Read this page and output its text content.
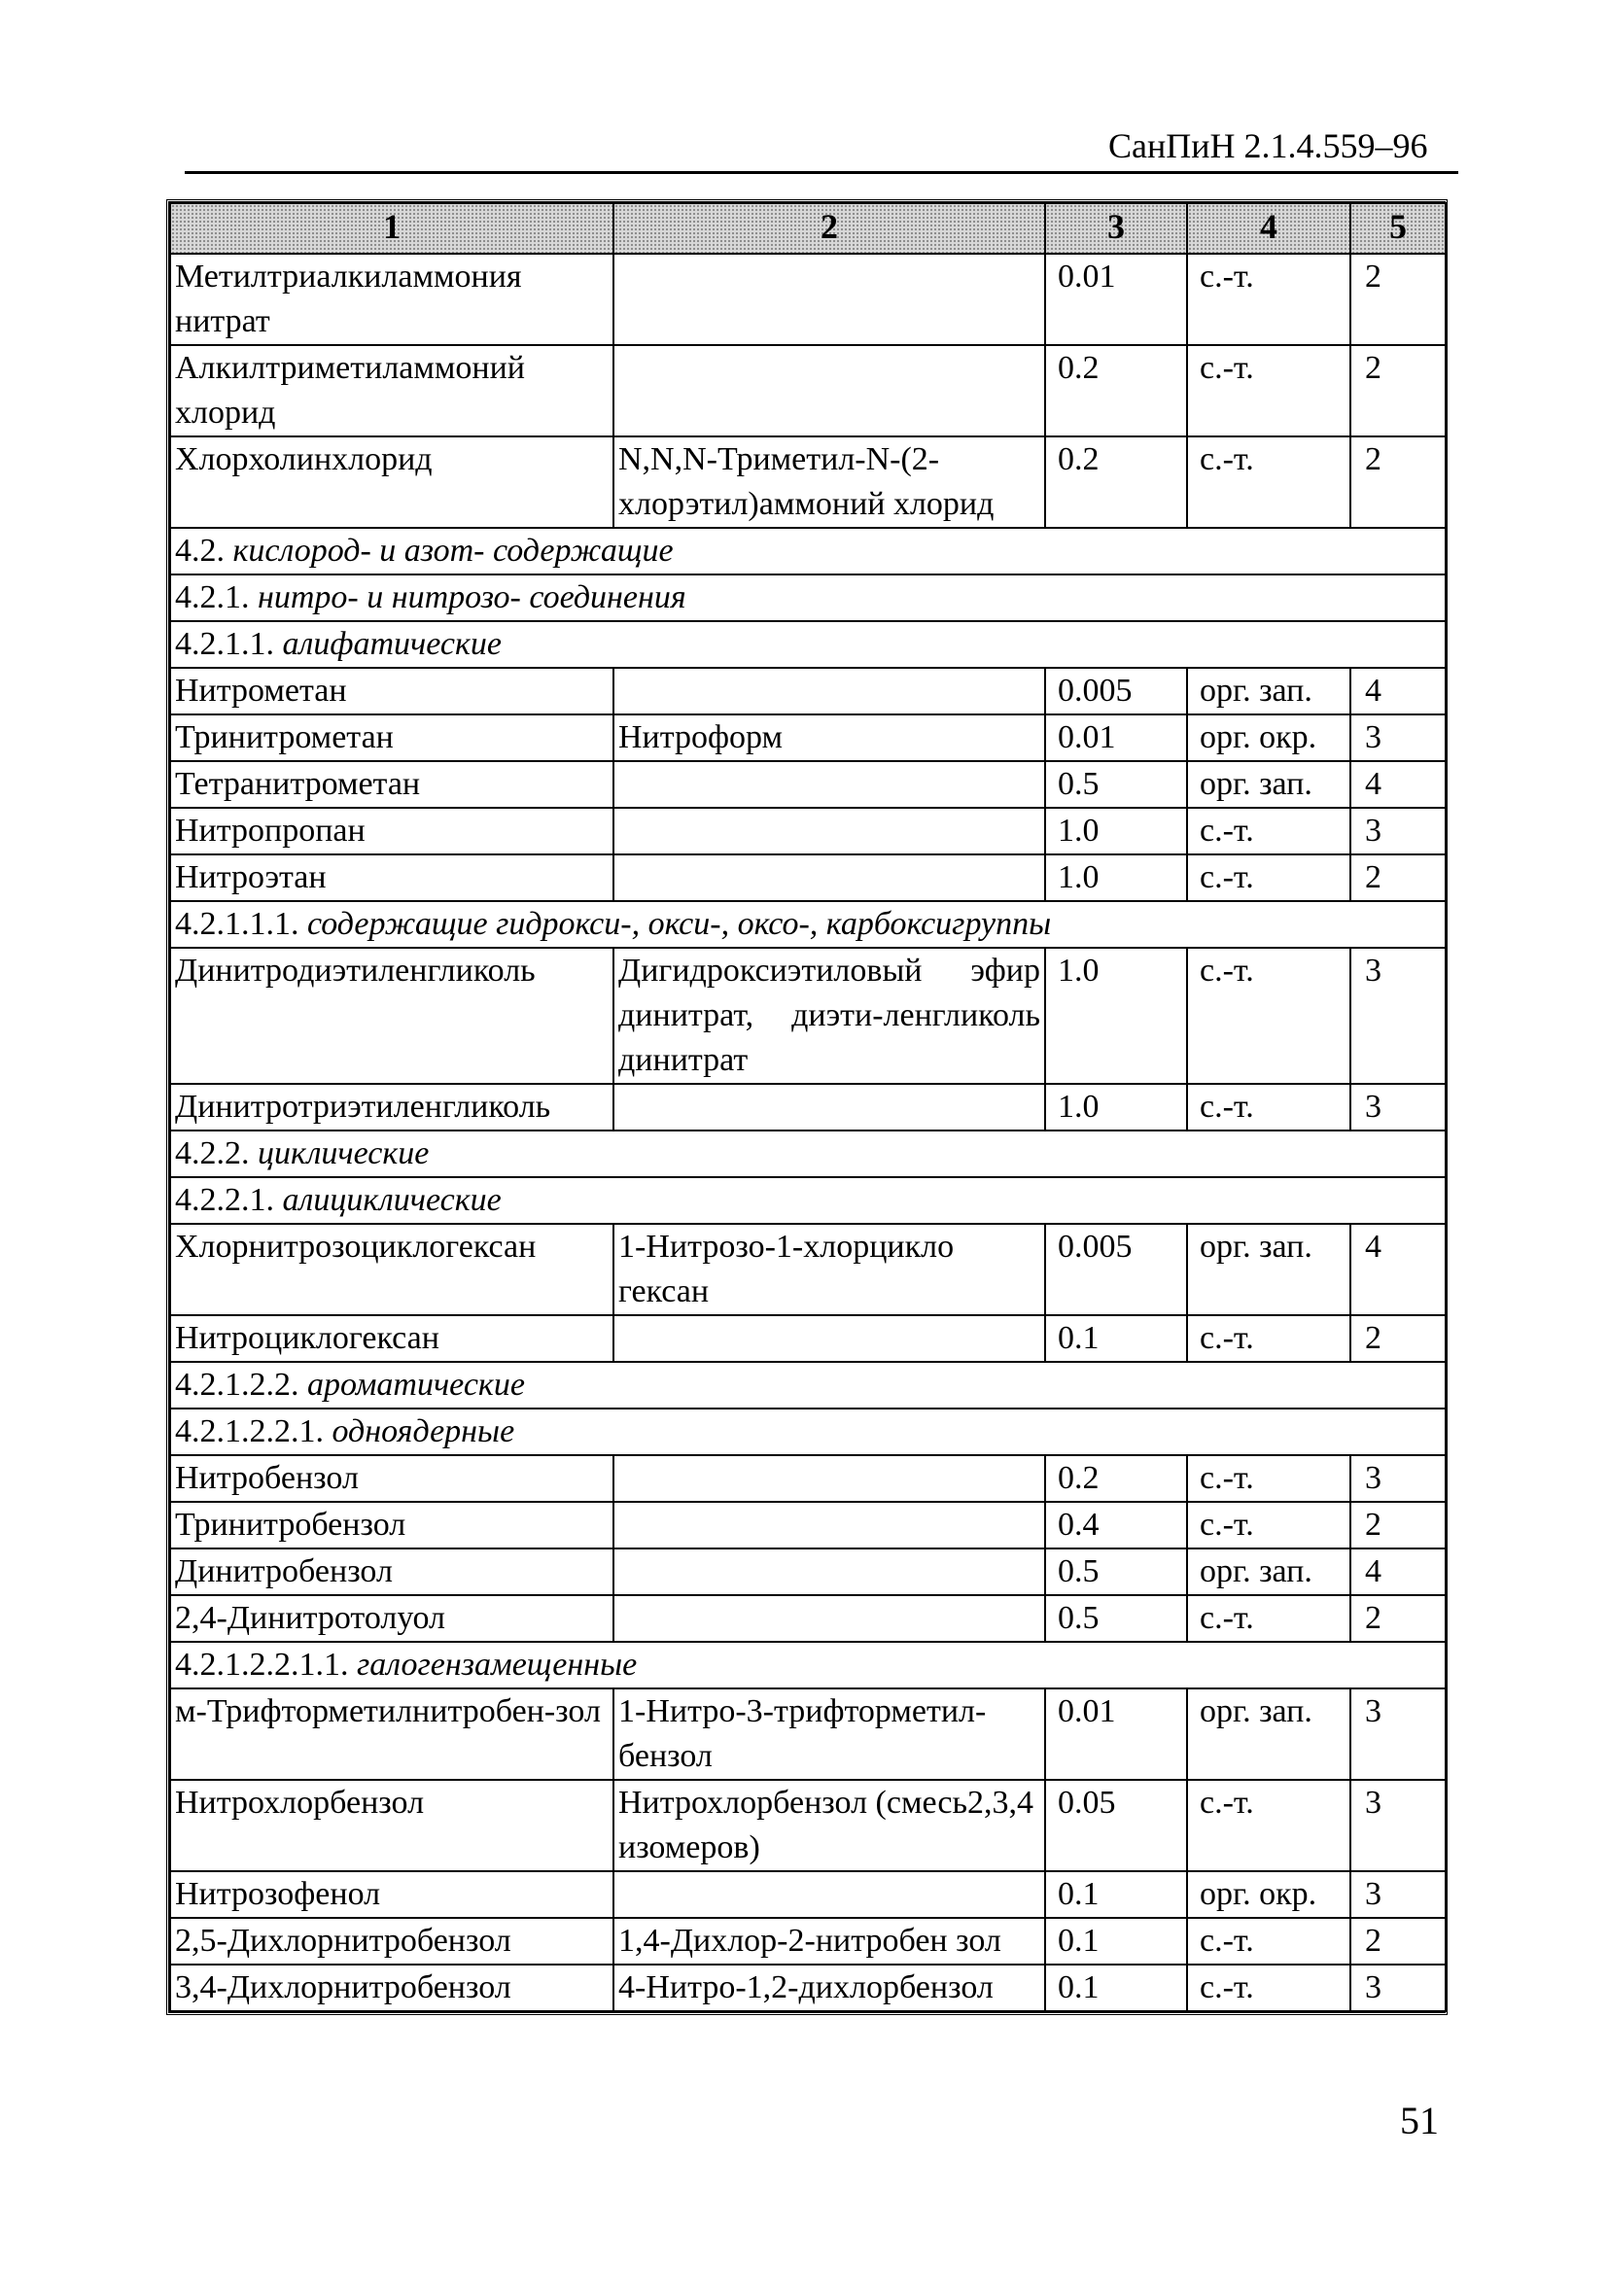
СанПиН 2.1.4.559–96
1	2	3	4	5
Метилтриалкиламмония нитрат		0.01	с.-т.	2
Алкилтриметиламмоний хлорид		0.2	с.-т.	2
Хлорхолинхлорид	N,N,N-Триметил-N-(2-хлорэтил)аммоний хлорид	0.2	с.-т.	2
4.2. кислород- и азот- содержащие				
4.2.1. нитро- и нитрозо- соединения				
4.2.1.1. алифатические				
Нитрометан		0.005	орг. зап.	4
Тринитрометан	Нитроформ	0.01	орг. окр.	3
Тетранитрометан		0.5	орг. зап.	4
Нитропропан		1.0	с.-т.	3
Нитроэтан		1.0	с.-т.	2
4.2.1.1.1. содержащие гидрокси-, окси-, оксо-, карбоксигруппы				
Динитродиэтиленгликоль	Дигидроксиэтиловый эфир динитрат, диэти-ленгликоль динитрат	1.0	с.-т.	3
Динитротриэтиленгликоль		1.0	с.-т.	3
4.2.2. циклические				
4.2.2.1. алициклические				
Хлорнитрозоциклогексан	1-Нитрозо-1-хлорцикло гексан	0.005	орг. зап.	4
Нитроциклогексан		0.1	с.-т.	2
4.2.1.2.2. ароматические				
4.2.1.2.2.1. одноядерные				
Нитробензол		0.2	с.-т.	3
Тринитробензол		0.4	с.-т.	2
Динитробензол		0.5	орг. зап.	4
2,4-Динитротолуол		0.5	с.-т.	2
4.2.1.2.2.1.1. галогензамещенные				
м-Трифторметилнитробен-зол	1-Нитро-3-трифторметил-бензол	0.01	орг. зап.	3
Нитрохлорбензол	Нитрохлорбензол (смесь2,3,4 изомеров)	0.05	с.-т.	3
Нитрозофенол		0.1	орг. окр.	3
2,5-Дихлорнитробензол	1,4-Дихлор-2-нитробен зол	0.1	с.-т.	2
3,4-Дихлорнитробензол	4-Нитро-1,2-дихлорбензол	0.1	с.-т.	3
51
